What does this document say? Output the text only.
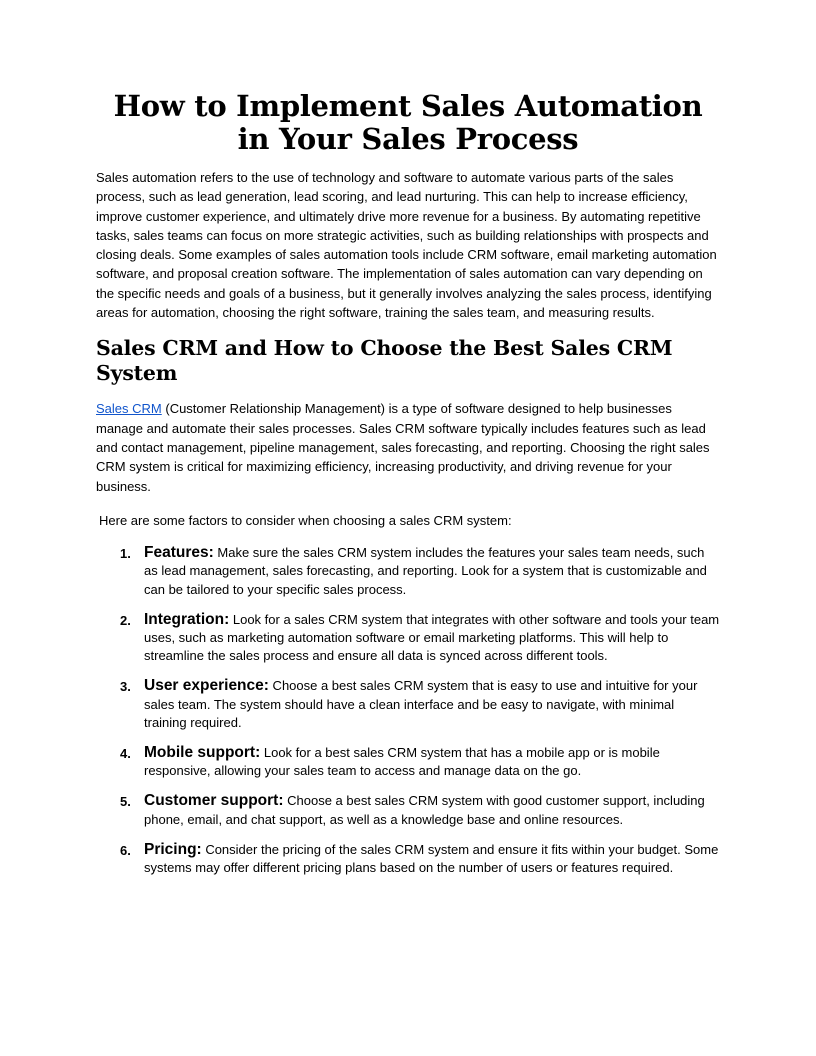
How to Implement Sales Automation in Your Sales Process

Sales automation refers to the use of technology and software to automate various parts of the sales process, such as lead generation, lead scoring, and lead nurturing. This can help to increase efficiency, improve customer experience, and ultimately drive more revenue for a business. By automating repetitive tasks, sales teams can focus on more strategic activities, such as building relationships with prospects and closing deals. Some examples of sales automation tools include CRM software, email marketing automation software, and proposal creation software. The implementation of sales automation can vary depending on the specific needs and goals of a business, but it generally involves analyzing the sales process, identifying areas for automation, choosing the right software, training the sales team, and measuring results.

Sales CRM and How to Choose the Best Sales CRM System

Sales CRM (Customer Relationship Management) is a type of software designed to help businesses manage and automate their sales processes. Sales CRM software typically includes features such as lead and contact management, pipeline management, sales forecasting, and reporting. Choosing the right sales CRM system is critical for maximizing efficiency, increasing productivity, and driving revenue for your business.

Here are some factors to consider when choosing a sales CRM system:

1. Features: Make sure the sales CRM system includes the features your sales team needs, such as lead management, sales forecasting, and reporting. Look for a system that is customizable and can be tailored to your specific sales process.
2. Integration: Look for a sales CRM system that integrates with other software and tools your team uses, such as marketing automation software or email marketing platforms. This will help to streamline the sales process and ensure all data is synced across different tools.
3. User experience: Choose a best sales CRM system that is easy to use and intuitive for your sales team. The system should have a clean interface and be easy to navigate, with minimal training required.
4. Mobile support: Look for a best sales CRM system that has a mobile app or is mobile responsive, allowing your sales team to access and manage data on the go.
5. Customer support: Choose a best sales CRM system with good customer support, including phone, email, and chat support, as well as a knowledge base and online resources.
6. Pricing: Consider the pricing of the sales CRM system and ensure it fits within your budget. Some systems may offer different pricing plans based on the number of users or features required.
